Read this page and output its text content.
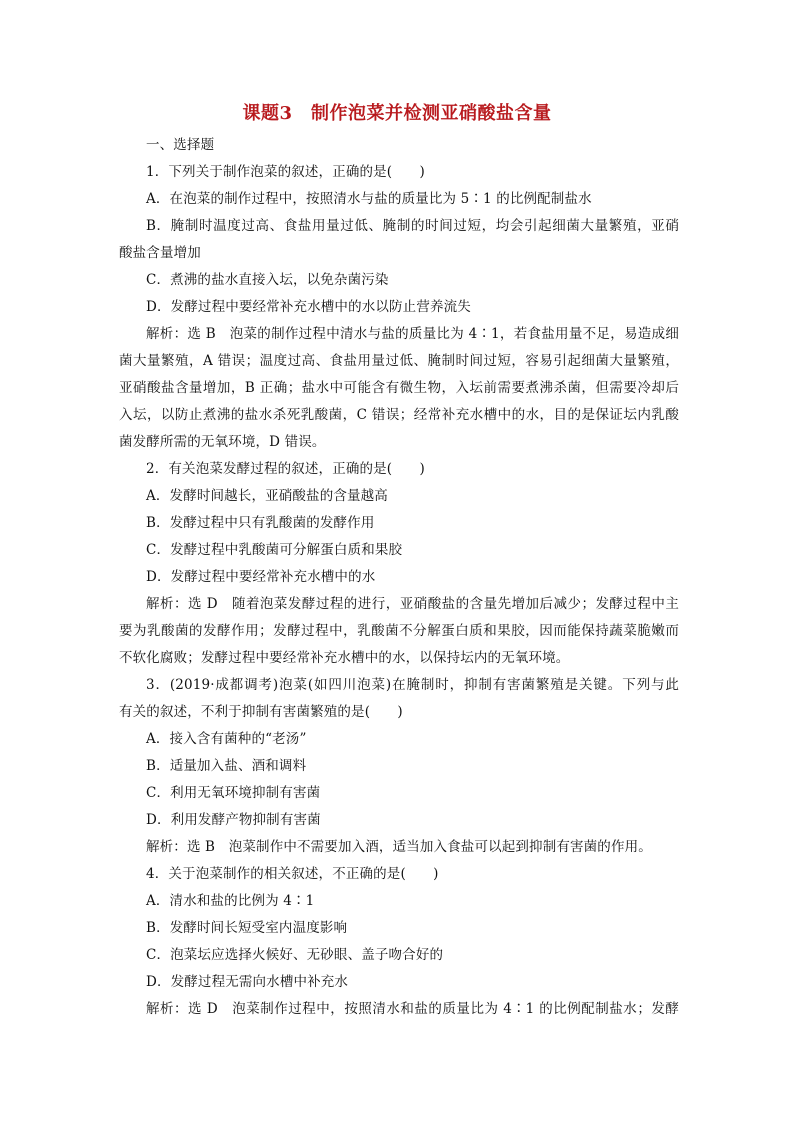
课题3　制作泡菜并检测亚硝酸盐含量
一、选择题
1．下列关于制作泡菜的叙述，正确的是(　　)
A．在泡菜的制作过程中，按照清水与盐的质量比为 5∶1 的比例配制盐水
B．腌制时温度过高、食盐用量过低、腌制的时间过短，均会引起细菌大量繁殖，亚硝
酸盐含量增加
C．煮沸的盐水直接入坛，以免杂菌污染
D．发酵过程中要经常补充水槽中的水以防止营养流失
解析：选 B　泡菜的制作过程中清水与盐的质量比为 4∶1，若食盐用量不足，易造成细
菌大量繁殖，A 错误；温度过高、食盐用量过低、腌制时间过短，容易引起细菌大量繁殖，
亚硝酸盐含量增加，B 正确；盐水中可能含有微生物，入坛前需要煮沸杀菌，但需要冷却后
入坛，以防止煮沸的盐水杀死乳酸菌，C 错误；经常补充水槽中的水，目的是保证坛内乳酸
菌发酵所需的无氧环境，D 错误。
2．有关泡菜发酵过程的叙述，正确的是(　　)
A．发酵时间越长，亚硝酸盐的含量越高
B．发酵过程中只有乳酸菌的发酵作用
C．发酵过程中乳酸菌可分解蛋白质和果胶
D．发酵过程中要经常补充水槽中的水
解析：选 D　随着泡菜发酵过程的进行，亚硝酸盐的含量先增加后减少；发酵过程中主
要为乳酸菌的发酵作用；发酵过程中，乳酸菌不分解蛋白质和果胶，因而能保持蔬菜脆嫩而
不软化腐败；发酵过程中要经常补充水槽中的水，以保持坛内的无氧环境。
3．(2019·成都调考)泡菜(如四川泡菜)在腌制时，抑制有害菌繁殖是关键。下列与此
有关的叙述，不利于抑制有害菌繁殖的是(　　)
A．接入含有菌种的“老汤”
B．适量加入盐、酒和调料
C．利用无氧环境抑制有害菌
D．利用发酵产物抑制有害菌
解析：选 B　泡菜制作中不需要加入酒，适当加入食盐可以起到抑制有害菌的作用。
4．关于泡菜制作的相关叙述，不正确的是(　　)
A．清水和盐的比例为 4∶1
B．发酵时间长短受室内温度影响
C．泡菜坛应选择火候好、无砂眼、盖子吻合好的
D．发酵过程无需向水槽中补充水
解析：选 D　泡菜制作过程中，按照清水和盐的质量比为 4∶1 的比例配制盐水；发酵
